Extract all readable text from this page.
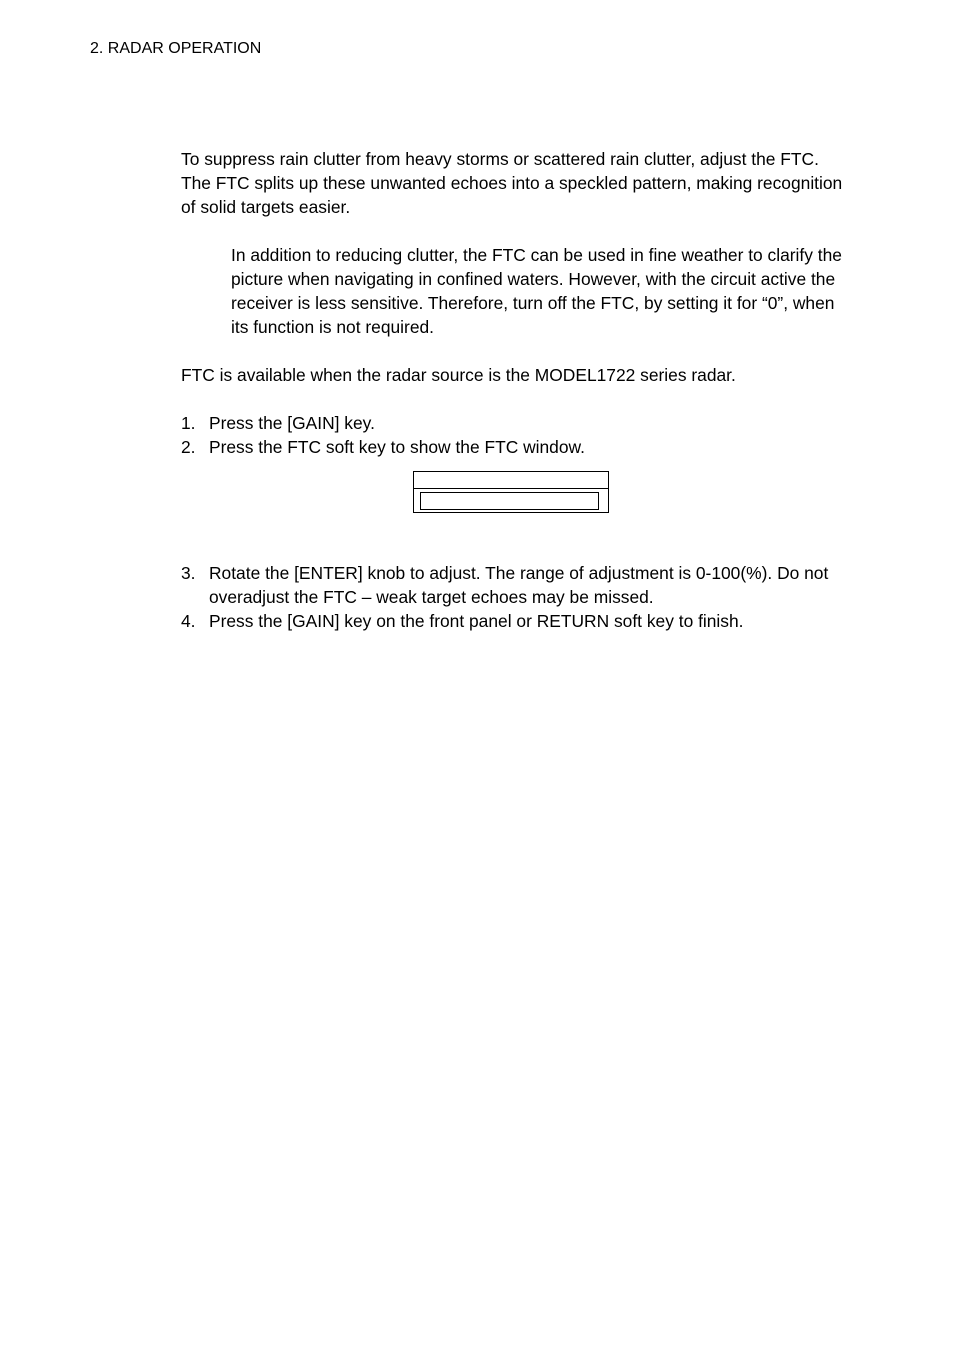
2. RADAR OPERATION

To suppress rain clutter from heavy storms or scattered rain clutter, adjust the FTC. The FTC splits up these unwanted echoes into a speckled pattern, making recognition of solid targets easier.

In addition to reducing clutter, the FTC can be used in fine weather to clarify the picture when navigating in confined waters. However, with the circuit active the receiver is less sensitive. Therefore, turn off the FTC, by setting it for “0”, when its function is not required.

FTC is available when the radar source is the MODEL1722 series radar.

1. Press the [GAIN] key.
2. Press the FTC soft key to show the FTC window.
3. Rotate the [ENTER] knob to adjust. The range of adjustment is 0-100(%). Do not overadjust the FTC – weak target echoes may be missed.
4. Press the [GAIN] key on the front panel or RETURN soft key to finish.
